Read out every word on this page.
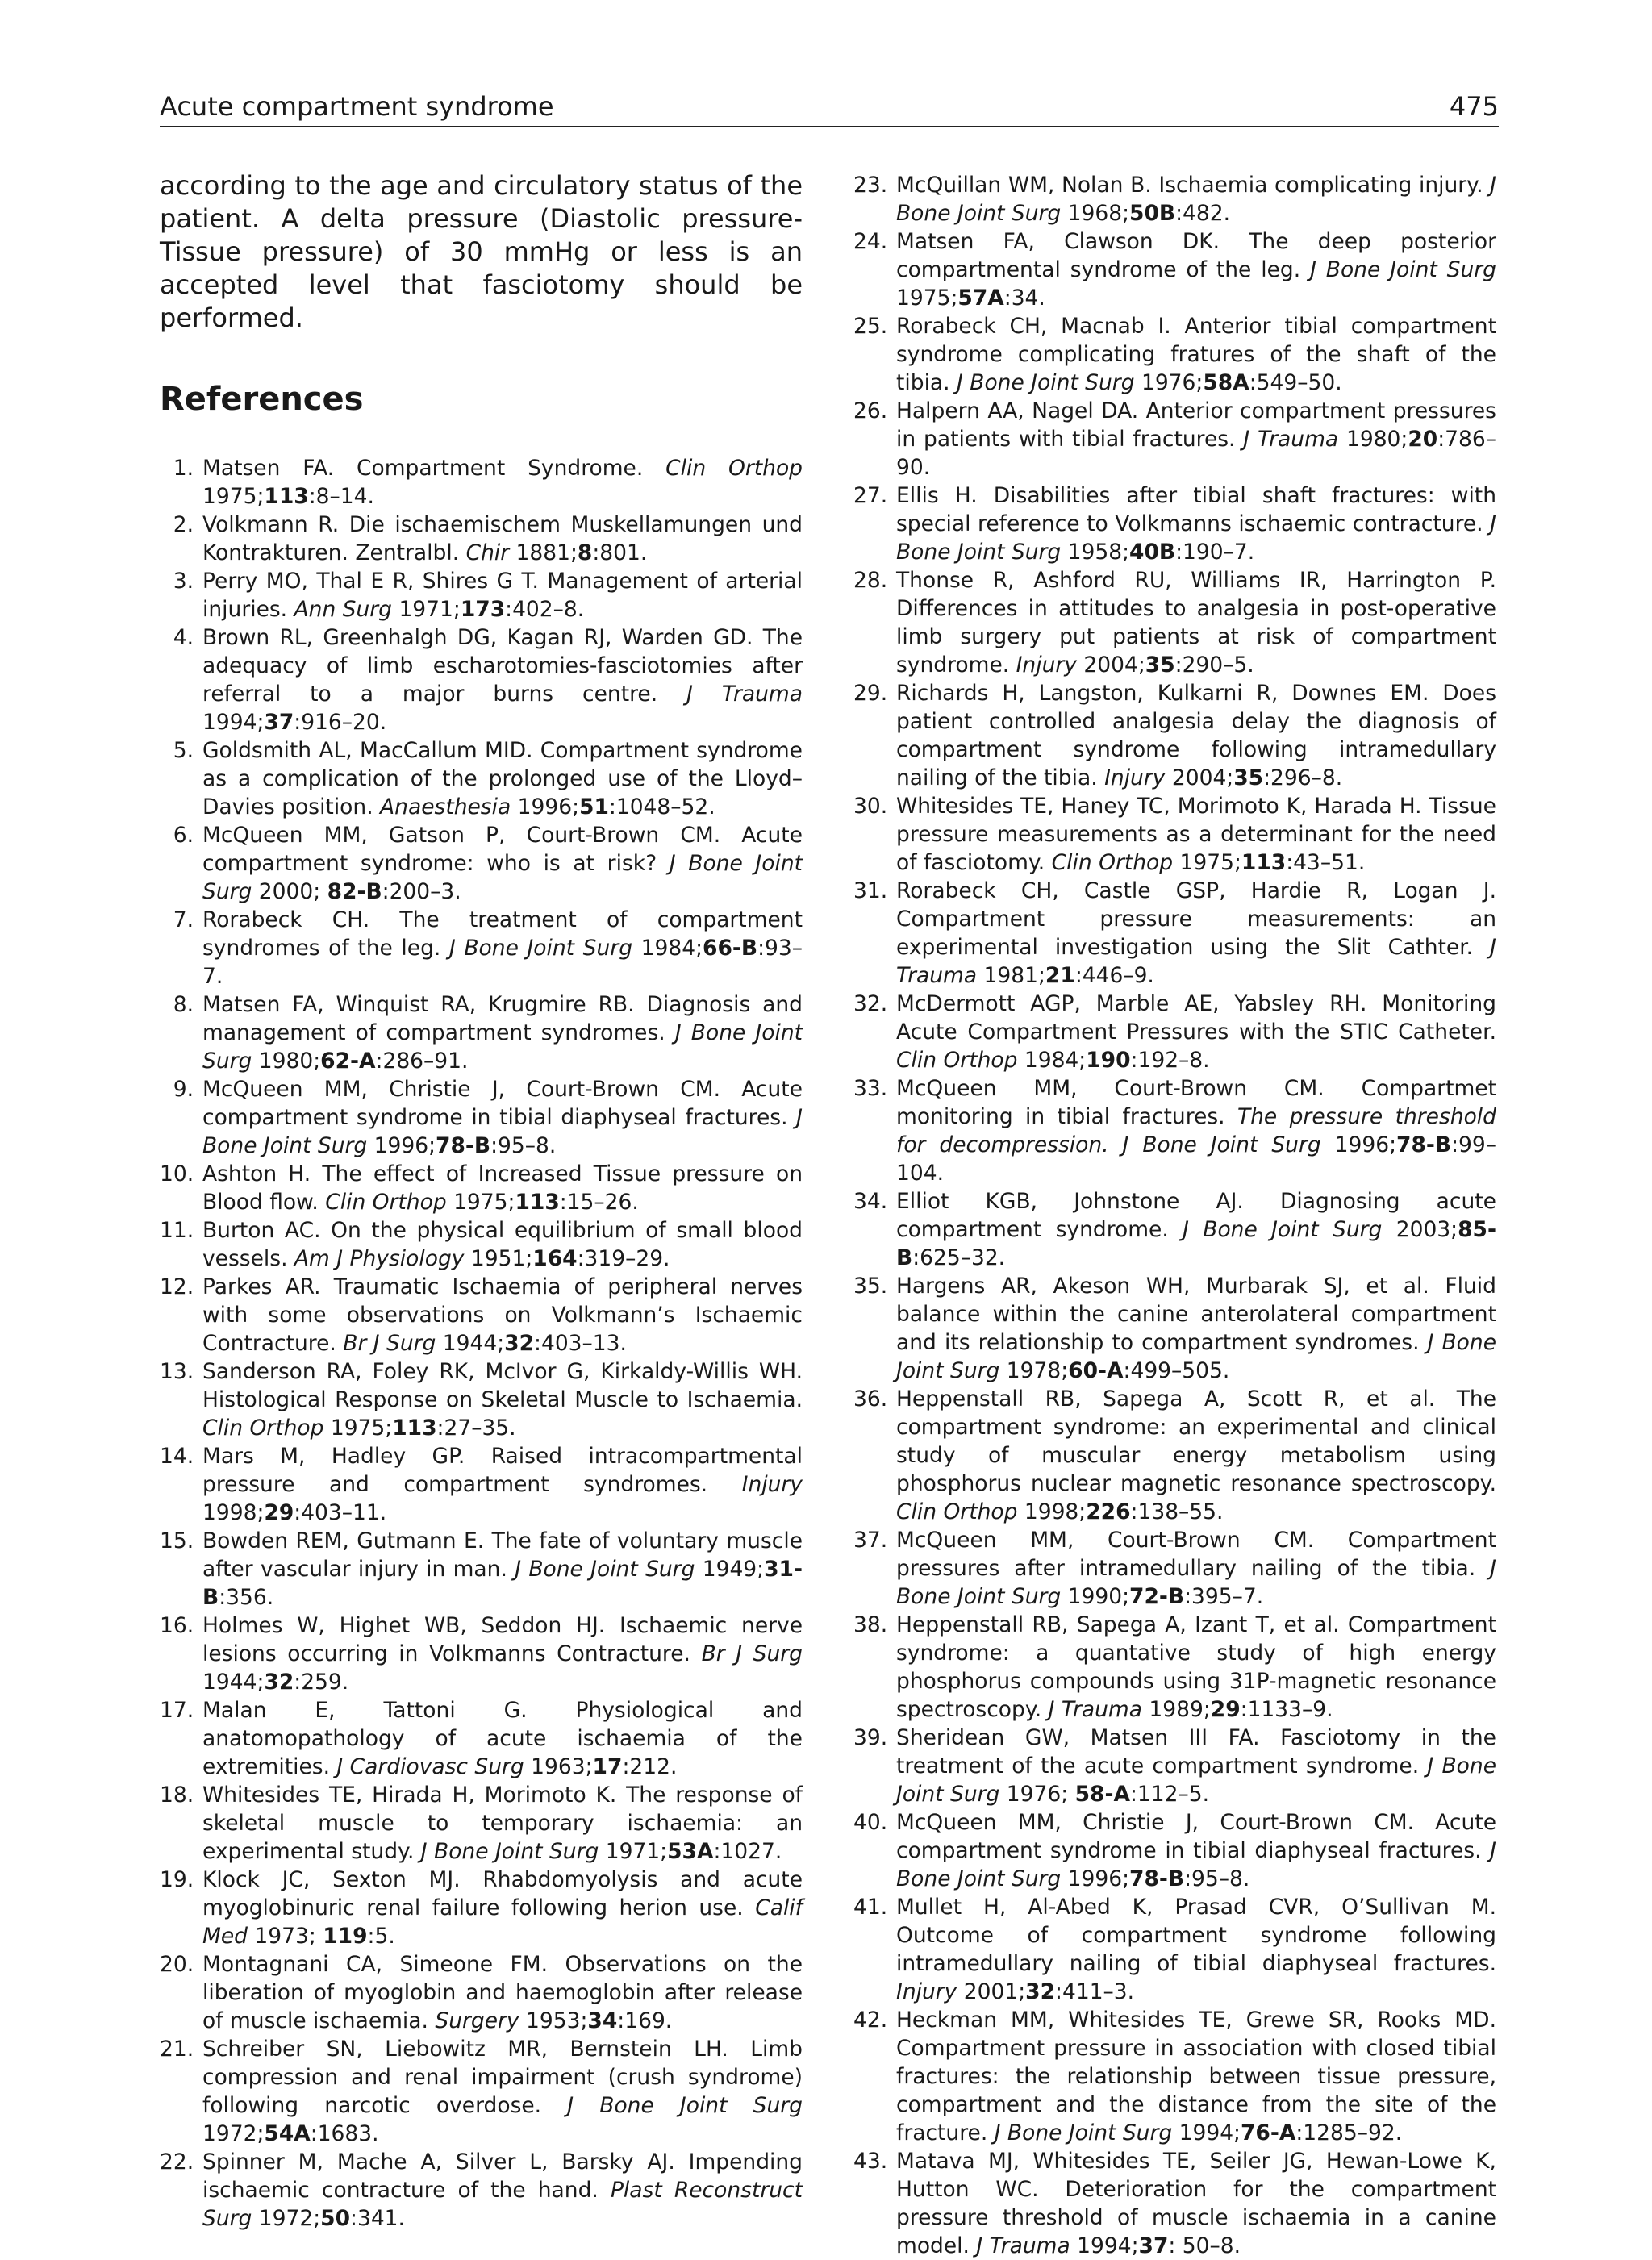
Acute compartment syndrome	475

according to the age and circulatory status of the patient. A delta pressure (Diastolic pressure-Tissue pressure) of 30 mmHg or less is an accepted level that fasciotomy should be performed.

References
1. Matsen FA. Compartment Syndrome. Clin Orthop 1975;113:8–14.
2. Volkmann R. Die ischaemischem Muskellamungen und Kontrakturen. Zentralbl. Chir 1881;8:801.
3. Perry MO, Thal E R, Shires G T. Management of arterial injuries. Ann Surg 1971;173:402–8.
4. Brown RL, Greenhalgh DG, Kagan RJ, Warden GD. The adequacy of limb escharotomies-fasciotomies after referral to a major burns centre. J Trauma 1994;37:916–20.
5. Goldsmith AL, MacCallum MID. Compartment syndrome as a complication of the prolonged use of the Lloyd–Davies position. Anaesthesia 1996;51:1048–52.
6. McQueen MM, Gatson P, Court-Brown CM. Acute compartment syndrome: who is at risk? J Bone Joint Surg 2000; 82-B:200–3.
7. Rorabeck CH. The treatment of compartment syndromes of the leg. J Bone Joint Surg 1984;66-B:93–7.
8. Matsen FA, Winquist RA, Krugmire RB. Diagnosis and management of compartment syndromes. J Bone Joint Surg 1980;62-A:286–91.
9. McQueen MM, Christie J, Court-Brown CM. Acute compartment syndrome in tibial diaphyseal fractures. J Bone Joint Surg 1996;78-B:95–8.
10. Ashton H. The effect of Increased Tissue pressure on Blood flow. Clin Orthop 1975;113:15–26.
11. Burton AC. On the physical equilibrium of small blood vessels. Am J Physiology 1951;164:319–29.
12. Parkes AR. Traumatic Ischaemia of peripheral nerves with some observations on Volkmann’s Ischaemic Contracture. Br J Surg 1944;32:403–13.
13. Sanderson RA, Foley RK, McIvor G, Kirkaldy-Willis WH. Histological Response on Skeletal Muscle to Ischaemia. Clin Orthop 1975;113:27–35.
14. Mars M, Hadley GP. Raised intracompartmental pressure and compartment syndromes. Injury 1998;29:403–11.
15. Bowden REM, Gutmann E. The fate of voluntary muscle after vascular injury in man. J Bone Joint Surg 1949;31-B:356.
16. Holmes W, Highet WB, Seddon HJ. Ischaemic nerve lesions occurring in Volkmanns Contracture. Br J Surg 1944;32:259.
17. Malan E, Tattoni G. Physiological and anatomopathology of acute ischaemia of the extremities. J Cardiovasc Surg 1963;17:212.
18. Whitesides TE, Hirada H, Morimoto K. The response of skeletal muscle to temporary ischaemia: an experimental study. J Bone Joint Surg 1971;53A:1027.
19. Klock JC, Sexton MJ. Rhabdomyolysis and acute myoglobinuric renal failure following herion use. Calif Med 1973; 119:5.
20. Montagnani CA, Simeone FM. Observations on the liberation of myoglobin and haemoglobin after release of muscle ischaemia. Surgery 1953;34:169.
21. Schreiber SN, Liebowitz MR, Bernstein LH. Limb compression and renal impairment (crush syndrome) following narcotic overdose. J Bone Joint Surg 1972;54A:1683.
22. Spinner M, Mache A, Silver L, Barsky AJ. Impending ischaemic contracture of the hand. Plast Reconstruct Surg 1972;50:341.
23. McQuillan WM, Nolan B. Ischaemia complicating injury. J Bone Joint Surg 1968;50B:482.
24. Matsen FA, Clawson DK. The deep posterior compartmental syndrome of the leg. J Bone Joint Surg 1975;57A:34.
25. Rorabeck CH, Macnab I. Anterior tibial compartment syndrome complicating fratures of the shaft of the tibia. J Bone Joint Surg 1976;58A:549–50.
26. Halpern AA, Nagel DA. Anterior compartment pressures in patients with tibial fractures. J Trauma 1980;20:786–90.
27. Ellis H. Disabilities after tibial shaft fractures: with special reference to Volkmanns ischaemic contracture. J Bone Joint Surg 1958;40B:190–7.
28. Thonse R, Ashford RU, Williams IR, Harrington P. Differences in attitudes to analgesia in post-operative limb surgery put patients at risk of compartment syndrome. Injury 2004;35:290–5.
29. Richards H, Langston, Kulkarni R, Downes EM. Does patient controlled analgesia delay the diagnosis of compartment syndrome following intramedullary nailing of the tibia. Injury 2004;35:296–8.
30. Whitesides TE, Haney TC, Morimoto K, Harada H. Tissue pressure measurements as a determinant for the need of fasciotomy. Clin Orthop 1975;113:43–51.
31. Rorabeck CH, Castle GSP, Hardie R, Logan J. Compartment pressure measurements: an experimental investigation using the Slit Cathter. J Trauma 1981;21:446–9.
32. McDermott AGP, Marble AE, Yabsley RH. Monitoring Acute Compartment Pressures with the STIC Catheter. Clin Orthop 1984;190:192–8.
33. McQueen MM, Court-Brown CM. Compartmet monitoring in tibial fractures. The pressure threshold for decompression. J Bone Joint Surg 1996;78-B:99–104.
34. Elliot KGB, Johnstone AJ. Diagnosing acute compartment syndrome. J Bone Joint Surg 2003;85-B:625–32.
35. Hargens AR, Akeson WH, Murbarak SJ, et al. Fluid balance within the canine anterolateral compartment and its relationship to compartment syndromes. J Bone Joint Surg 1978;60-A:499–505.
36. Heppenstall RB, Sapega A, Scott R, et al. The compartment syndrome: an experimental and clinical study of muscular energy metabolism using phosphorus nuclear magnetic resonance spectroscopy. Clin Orthop 1998;226:138–55.
37. McQueen MM, Court-Brown CM. Compartment pressures after intramedullary nailing of the tibia. J Bone Joint Surg 1990;72-B:395–7.
38. Heppenstall RB, Sapega A, Izant T, et al. Compartment syndrome: a quantative study of high energy phosphorus compounds using 31P-magnetic resonance spectroscopy. J Trauma 1989;29:1133–9.
39. Sheridean GW, Matsen III FA. Fasciotomy in the treatment of the acute compartment syndrome. J Bone Joint Surg 1976; 58-A:112–5.
40. McQueen MM, Christie J, Court-Brown CM. Acute compartment syndrome in tibial diaphyseal fractures. J Bone Joint Surg 1996;78-B:95–8.
41. Mullet H, Al-Abed K, Prasad CVR, O’Sullivan M. Outcome of compartment syndrome following intramedullary nailing of tibial diaphyseal fractures. Injury 2001;32:411–3.
42. Heckman MM, Whitesides TE, Grewe SR, Rooks MD. Compartment pressure in association with closed tibial fractures: the relationship between tissue pressure, compartment and the distance from the site of the fracture. J Bone Joint Surg 1994;76-A:1285–92.
43. Matava MJ, Whitesides TE, Seiler JG, Hewan-Lowe K, Hutton WC. Deterioration for the compartment pressure threshold of muscle ischaemia in a canine model. J Trauma 1994;37: 50–8.
